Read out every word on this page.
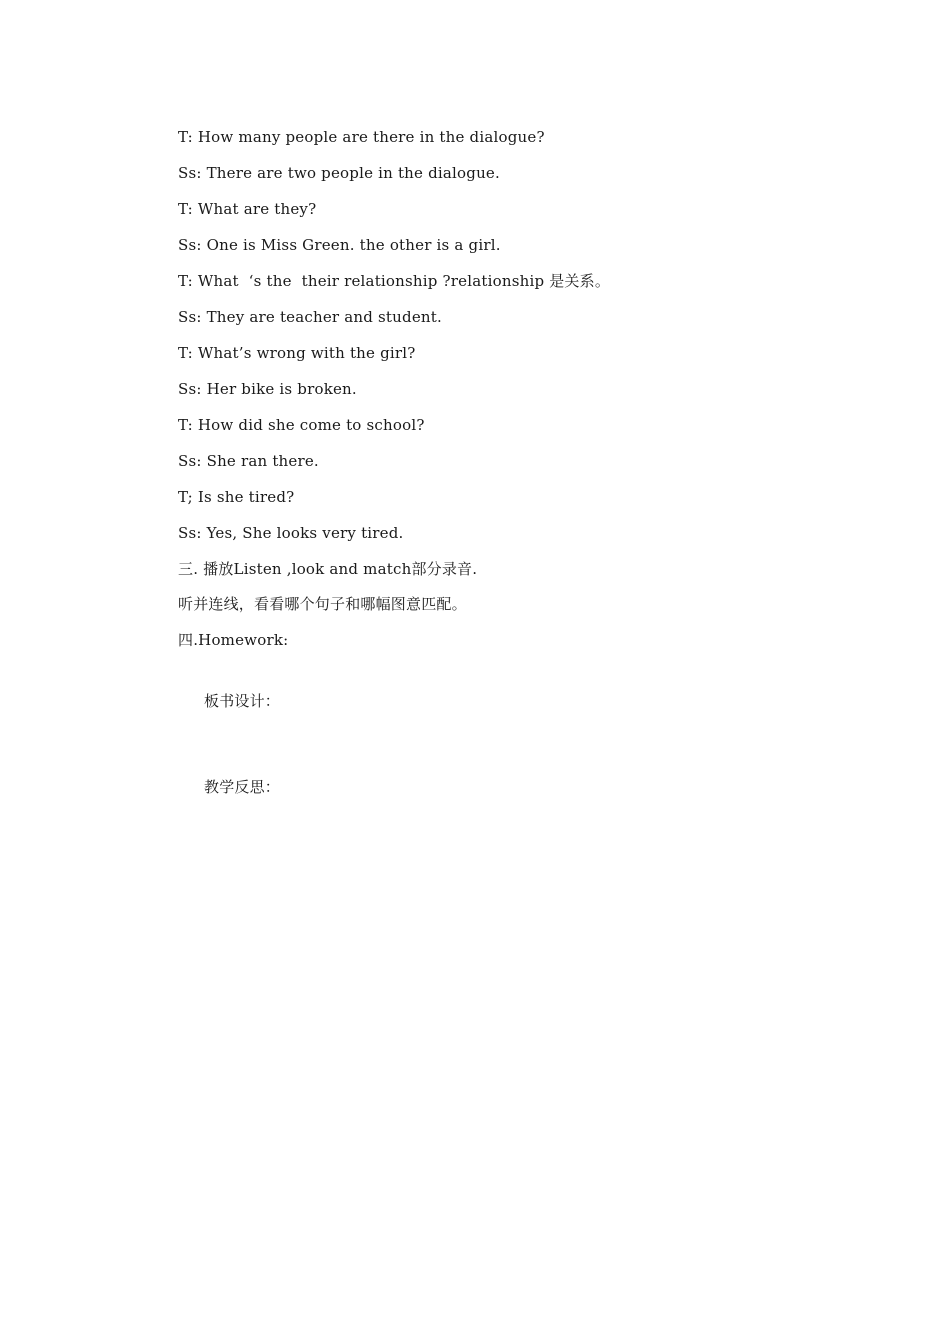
T: How many people are there in the dialogue?
Ss: There are two people in the dialogue.
T: What are they?
Ss: One is Miss Green. the other is a girl.
T: What  ‘s the  their relationship ?relationship 是关系。
Ss: They are teacher and student.
T: What’s wrong with the girl?
Ss: Her bike is broken.
T: How did she come to school?
Ss: She ran there.
T; Is she tired?
Ss: Yes, She looks very tired.
三. 播放Listen ,look and match部分录音.
听并连线，看看哪个句子和哪幅图意匹配。
四.Homework:
板书设计：
教学反思：
